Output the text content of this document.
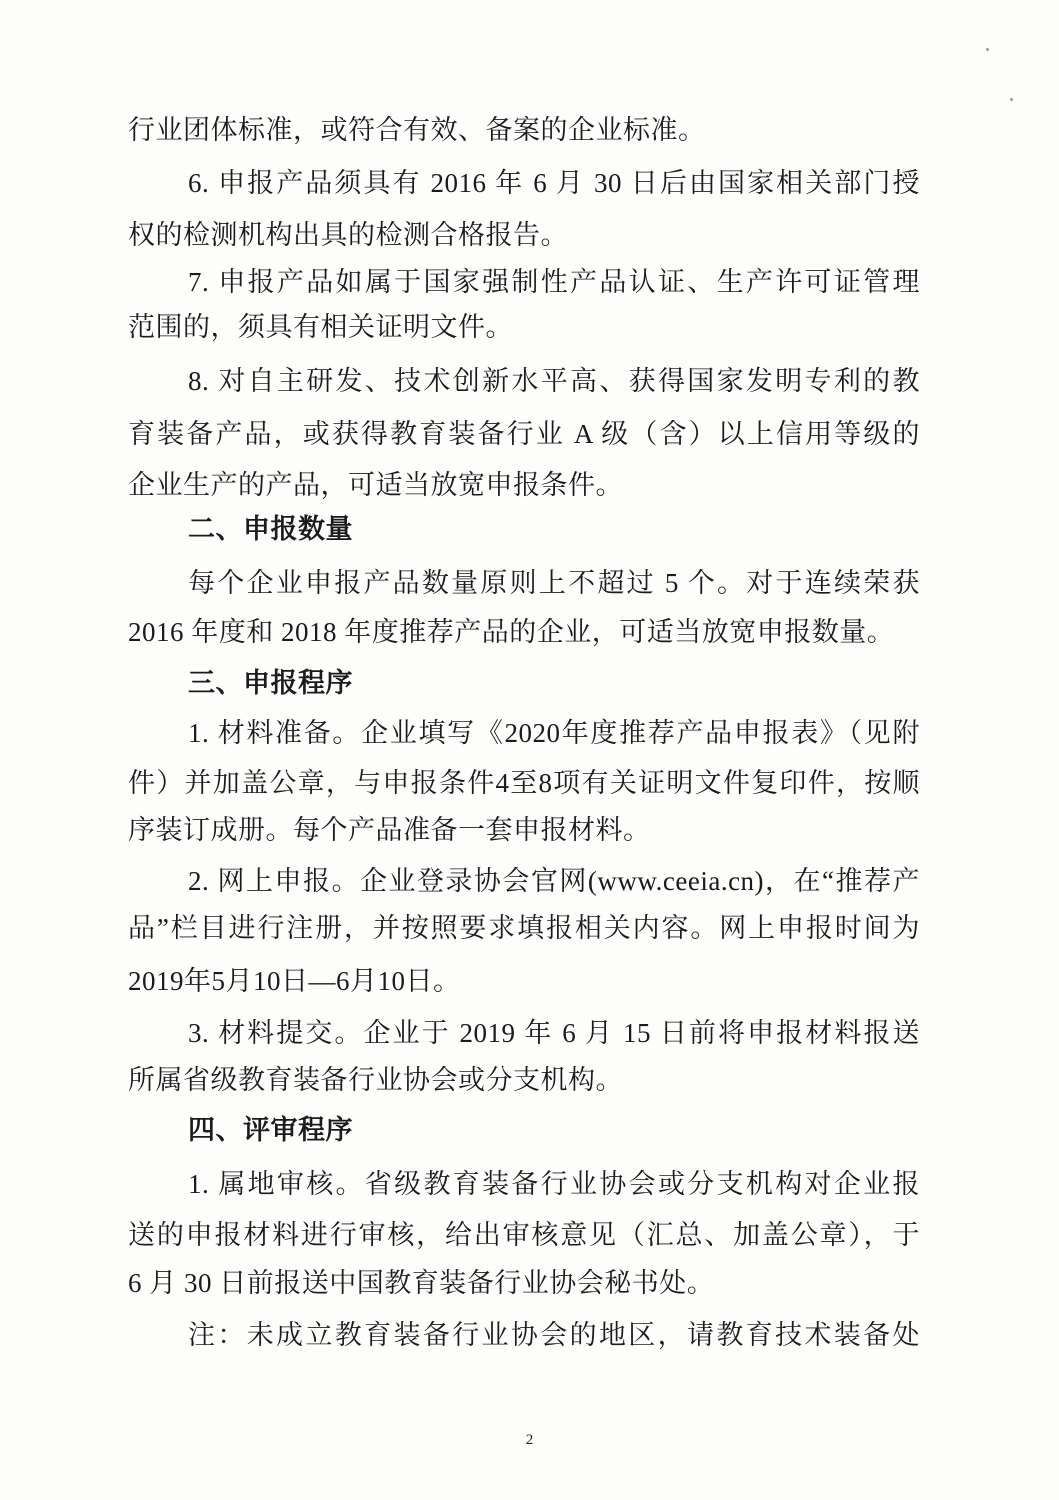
行业团体标准，或符合有效、备案的企业标准。
6. 申报产品须具有 2016 年 6 月 30 日后由国家相关部门授
权的检测机构出具的检测合格报告。
7. 申报产品如属于国家强制性产品认证、生产许可证管理
范围的，须具有相关证明文件。
8. 对自主研发、技术创新水平高、获得国家发明专利的教
育装备产品，或获得教育装备行业 A 级（含）以上信用等级的
企业生产的产品，可适当放宽申报条件。
二、申报数量
每个企业申报产品数量原则上不超过 5 个。对于连续荣获
2016 年度和 2018 年度推荐产品的企业，可适当放宽申报数量。
三、申报程序
1. 材料准备。企业填写《2020年度推荐产品申报表》（见附
件）并加盖公章，与申报条件4至8项有关证明文件复印件，按顺
序装订成册。每个产品准备一套申报材料。
2. 网上申报。企业登录协会官网(www.ceeia.cn)，在“推荐产
品”栏目进行注册，并按照要求填报相关内容。网上申报时间为
2019年5月10日—6月10日。
3. 材料提交。企业于 2019 年 6 月 15 日前将申报材料报送
所属省级教育装备行业协会或分支机构。
四、评审程序
1. 属地审核。省级教育装备行业协会或分支机构对企业报
送的申报材料进行审核，给出审核意见（汇总、加盖公章），于
6 月 30 日前报送中国教育装备行业协会秘书处。
注：未成立教育装备行业协会的地区，请教育技术装备处
2
